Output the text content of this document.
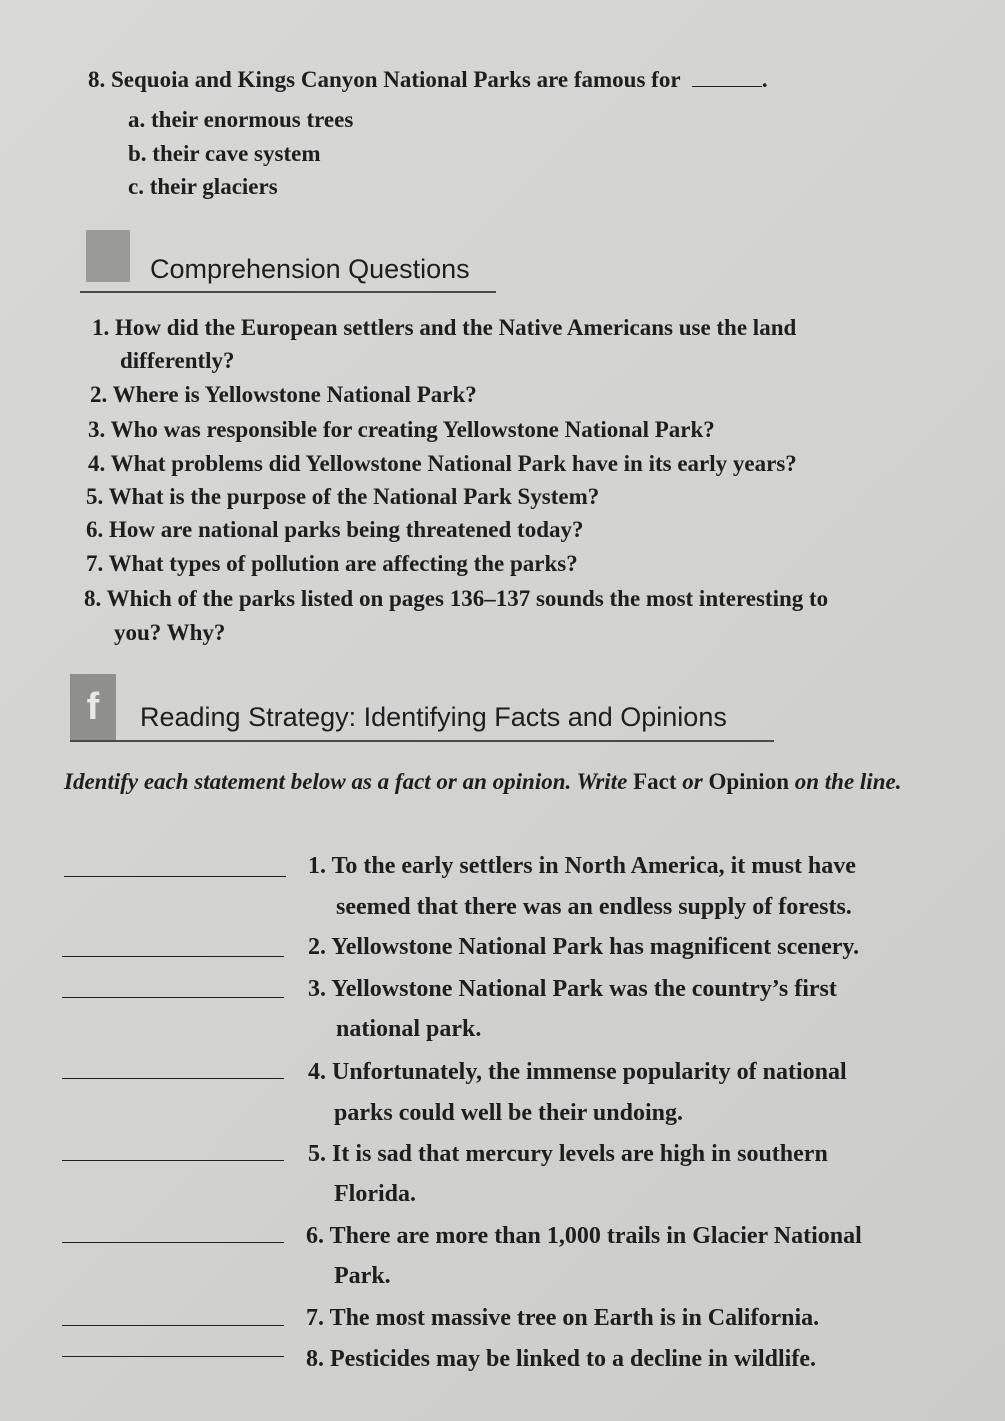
8. Sequoia and Kings Canyon National Parks are famous for	.
a. their enormous trees
b. their cave system
c. their glaciers
Comprehension Questions
1. How did the European settlers and the Native Americans use the land
differently?
2. Where is Yellowstone National Park?
3. Who was responsible for creating Yellowstone National Park?
4. What problems did Yellowstone National Park have in its early years?
5. What is the purpose of the National Park System?
6. How are national parks being threatened today?
7. What types of pollution are affecting the parks?
8. Which of the parks listed on pages 136–137 sounds the most interesting to
you? Why?
f	Reading Strategy: Identifying Facts and Opinions
Identify each statement below as a fact or an opinion. Write Fact or Opinion on the line.
1. To the early settlers in North America, it must have
seemed that there was an endless supply of forests.
2. Yellowstone National Park has magnificent scenery.
3. Yellowstone National Park was the country’s first
national park.
4. Unfortunately, the immense popularity of national
parks could well be their undoing.
5. It is sad that mercury levels are high in southern
Florida.
6. There are more than 1,000 trails in Glacier National
Park.
7. The most massive tree on Earth is in California.
8. Pesticides may be linked to a decline in wildlife.
